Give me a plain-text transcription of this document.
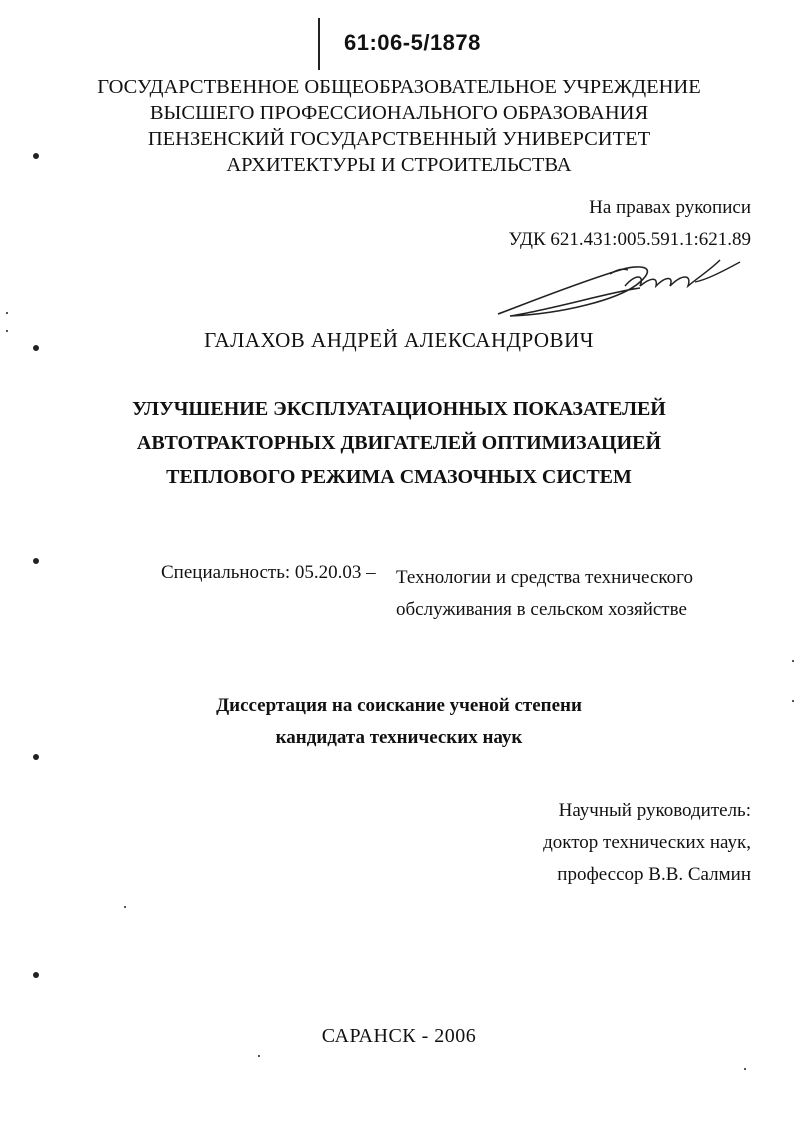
61:06-5/1878
ГОСУДАРСТВЕННОЕ ОБЩЕОБРАЗОВАТЕЛЬНОЕ УЧРЕЖДЕНИЕ
ВЫСШЕГО ПРОФЕССИОНАЛЬНОГО ОБРАЗОВАНИЯ
ПЕНЗЕНСКИЙ ГОСУДАРСТВЕННЫЙ УНИВЕРСИТЕТ
АРХИТЕКТУРЫ И СТРОИТЕЛЬСТВА
На правах рукописи
УДК 621.431:005.591.1:621.89
ГАЛАХОВ АНДРЕЙ АЛЕКСАНДРОВИЧ
УЛУЧШЕНИЕ ЭКСПЛУАТАЦИОННЫХ ПОКАЗАТЕЛЕЙ
АВТОТРАКТОРНЫХ ДВИГАТЕЛЕЙ ОПТИМИЗАЦИЕЙ
ТЕПЛОВОГО РЕЖИМА СМАЗОЧНЫХ СИСТЕМ
Специальность: 05.20.03 – Технологии и средства технического
обслуживания в сельском хозяйстве
Диссертация на соискание ученой степени
кандидата технических наук
Научный руководитель:
доктор технических наук,
профессор В.В. Салмин
САРАНСК - 2006
